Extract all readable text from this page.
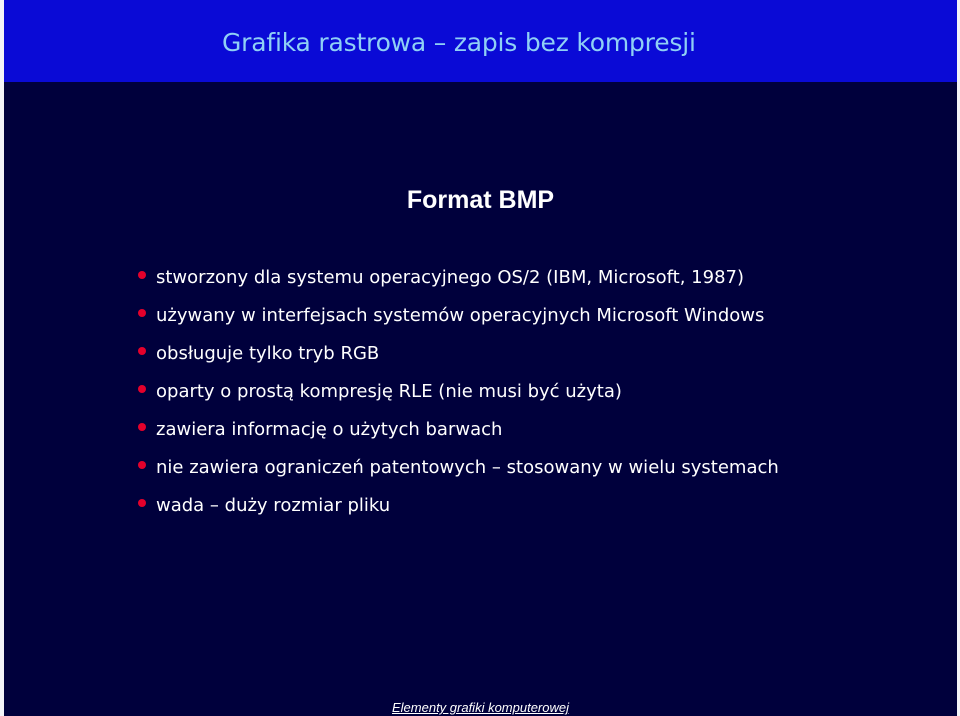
Grafika rastrowa – zapis bez kompresji
Format BMP
stworzony dla systemu operacyjnego OS/2 (IBM, Microsoft, 1987)
używany w interfejsach systemów operacyjnych Microsoft Windows
obsługuje tylko tryb RGB
oparty o prostą kompresję RLE (nie musi być użyta)
zawiera informację o użytych barwach
nie zawiera ograniczeń patentowych – stosowany w wielu systemach
wada – duży rozmiar pliku
Elementy grafiki komputerowej
